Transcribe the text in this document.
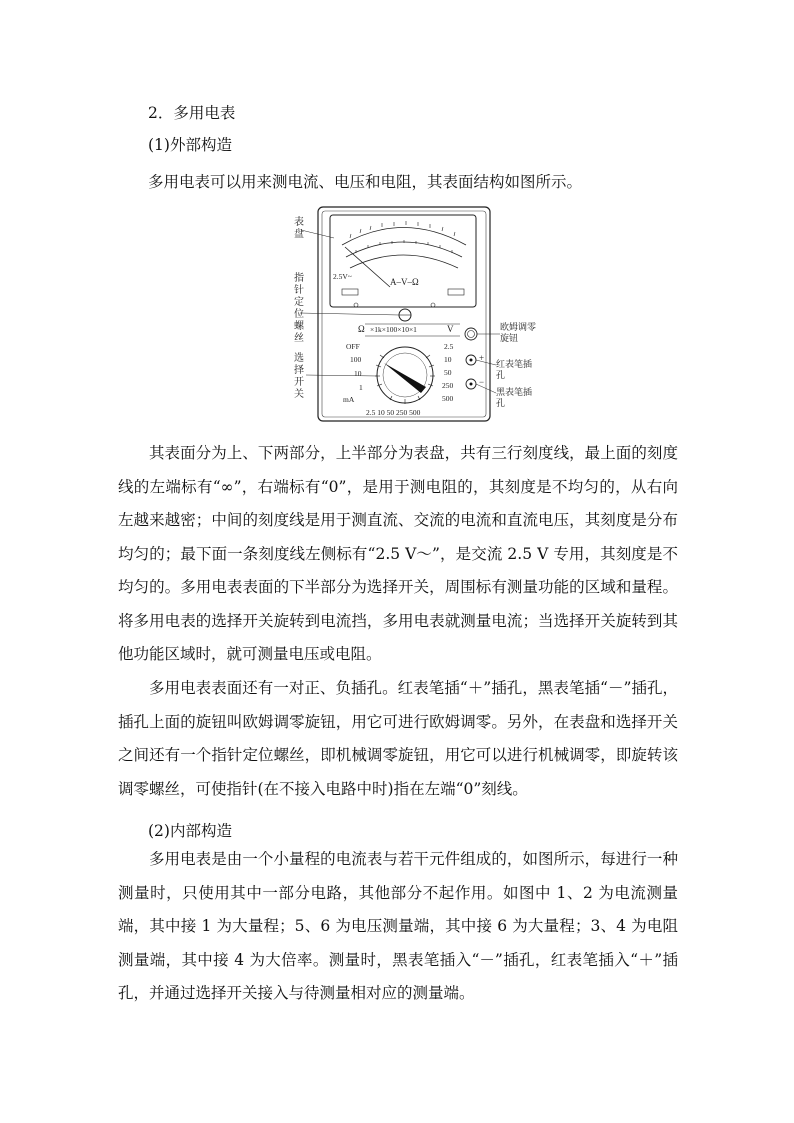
2．多用电表
(1)外部构造
多用电表可以用来测电流、电压和电阻，其表面结构如图所示。
表盘
指针定位螺丝
选择开关
欧姆调零旋钮
红表笔插孔
黑表笔插孔
A–V–Ω
2.5V~
Ω ×1k×100×10×1	V
+
−
OFF
100
10
1
mA
2.5
10
50
250
500
2.5 10 50 250 500
其表面分为上、下两部分，上半部分为表盘，共有三行刻度线，最上面的刻度线的左端标有“∞”，右端标有“0”，是用于测电阻的，其刻度是不均匀的，从右向左越来越密；中间的刻度线是用于测直流、交流的电流和直流电压，其刻度是分布均匀的；最下面一条刻度线左侧标有“2.5 V～”，是交流 2.5 V 专用，其刻度是不均匀的。多用电表表面的下半部分为选择开关，周围标有测量功能的区域和量程。将多用电表的选择开关旋转到电流挡，多用电表就测量电流；当选择开关旋转到其他功能区域时，就可测量电压或电阻。
多用电表表面还有一对正、负插孔。红表笔插“＋”插孔，黑表笔插“－”插孔，插孔上面的旋钮叫欧姆调零旋钮，用它可进行欧姆调零。另外，在表盘和选择开关之间还有一个指针定位螺丝，即机械调零旋钮，用它可以进行机械调零，即旋转该调零螺丝，可使指针(在不接入电路中时)指在左端“0”刻线。
(2)内部构造
多用电表是由一个小量程的电流表与若干元件组成的，如图所示，每进行一种测量时，只使用其中一部分电路，其他部分不起作用。如图中 1、2 为电流测量端，其中接 1 为大量程；5、6 为电压测量端，其中接 6 为大量程；3、4 为电阻测量端，其中接 4 为大倍率。测量时，黑表笔插入“－”插孔，红表笔插入“＋”插孔，并通过选择开关接入与待测量相对应的测量端。
